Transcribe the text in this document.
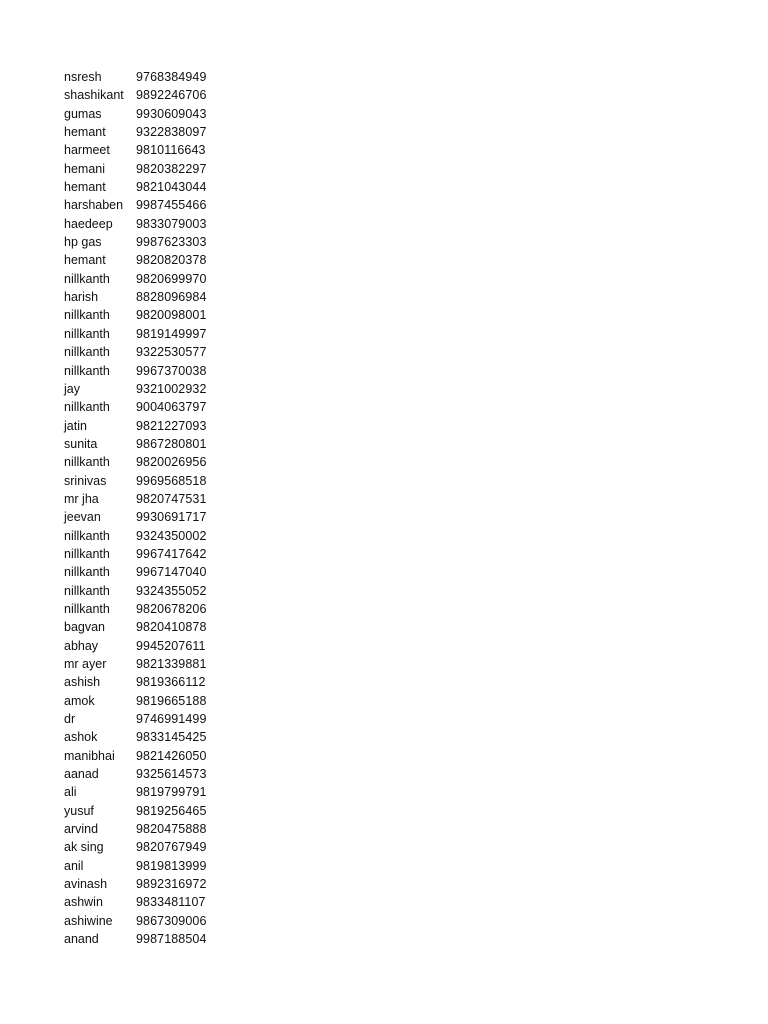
nsresh	9768384949
shashikant 9892246706
gumas	9930609043
hemant	9322838097
harmeet	9810116643
hemani	9820382297
hemant	9821043044
harshaben	9987455466
haedeep	9833079003
hp gas	9987623303
hemant	9820820378
nillkanth	9820699970
harish	8828096984
nillkanth	9820098001
nillkanth	9819149997
nillkanth	9322530577
nillkanth	9967370038
jay	9321002932
nillkanth	9004063797
jatin	9821227093
sunita	9867280801
nillkanth	9820026956
srinivas	9969568518
mr jha	9820747531
jeevan	9930691717
nillkanth	9324350002
nillkanth	9967417642
nillkanth	9967147040
nillkanth	9324355052
nillkanth	9820678206
bagvan	9820410878
abhay	9945207611
mr ayer	9821339881
ashish	9819366112
amok	9819665188
dr	9746991499
ashok	9833145425
manibhai	9821426050
aanad	9325614573
ali	9819799791
yusuf	9819256465
arvind	9820475888
ak sing	9820767949
anil	9819813999
avinash	9892316972
ashwin	9833481107
ashiwine	9867309006
anand	9987188504
